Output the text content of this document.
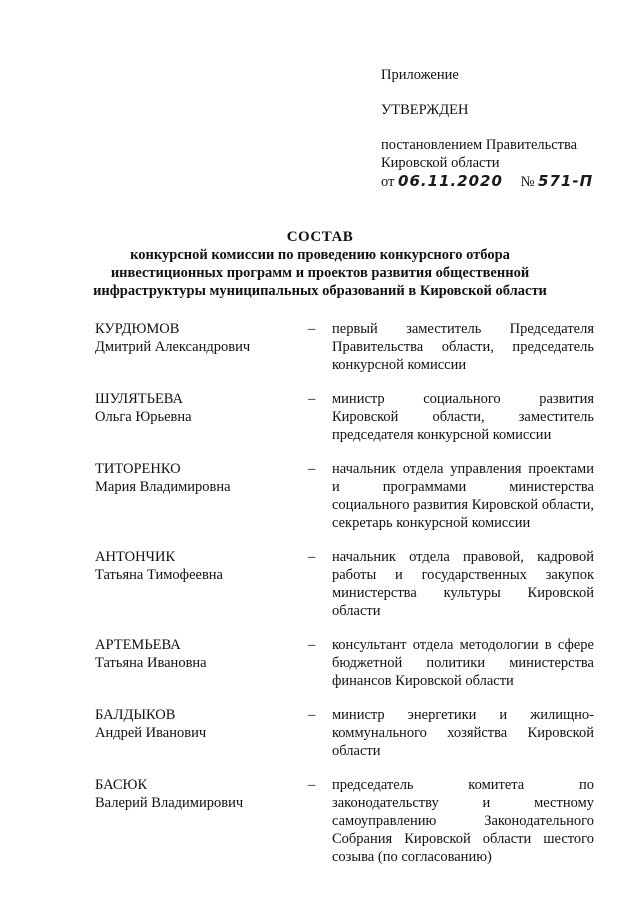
Приложение
УТВЕРЖДЕН
постановлением Правительства
Кировской области
от 06.11.2020 № 571-П
СОСТАВ
конкурсной комиссии по проведению конкурсного отбора
инвестиционных программ и проектов развития общественной
инфраструктуры муниципальных образований в Кировской области
КУРДЮМОВ
Дмитрий Александрович
–	первый заместитель Председателя Правительства области, председатель конкурсной комиссии
ШУЛЯТЬЕВА
Ольга Юрьевна
–	министр социального развития Кировской области, заместитель председателя конкурсной комиссии
ТИТОРЕНКО
Мария Владимировна
–	начальник отдела управления проектами и программами министерства социального развития Кировской области, секретарь конкурсной комиссии
АНТОНЧИК
Татьяна Тимофеевна
–	начальник отдела правовой, кадровой работы и государственных закупок министерства культуры Кировской области
АРТЕМЬЕВА
Татьяна Ивановна
–	консультант отдела методологии в сфере бюджетной политики министерства финансов Кировской области
БАЛДЫКОВ
Андрей Иванович
–	министр энергетики и жилищно-коммунального хозяйства Кировской области
БАСЮК
Валерий Владимирович
–	председатель комитета по законодательству и местному самоуправлению Законодательного Собрания Кировской области шестого созыва (по согласованию)
